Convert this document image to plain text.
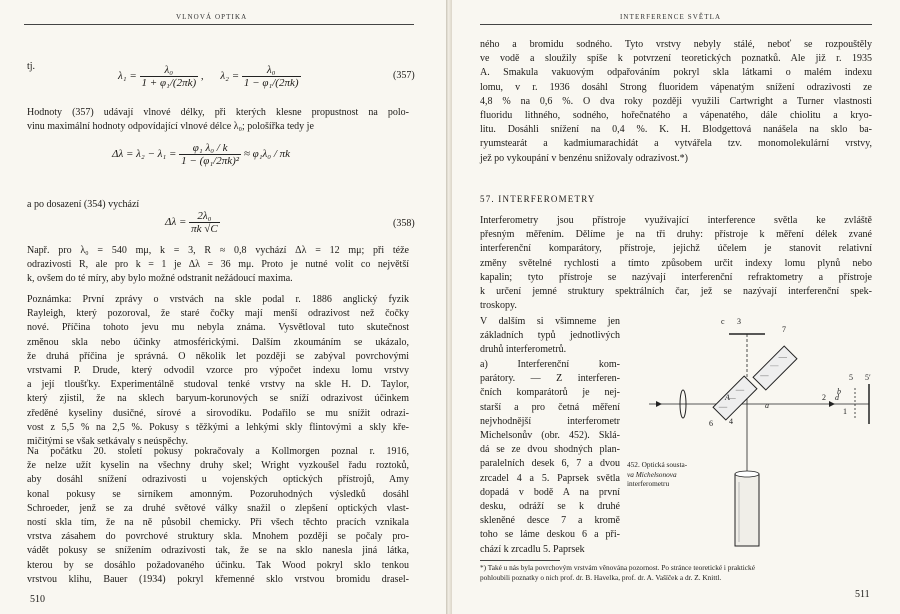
VLNOVÁ OPTIKA
tj.
$\lambda_1 = \frac{\text{λ₀}}{\text{1 + φ₁/(2πk)}}$ , $\lambda_2 = \frac{\text{λ₀}}{\text{1 − φ₁/(2πk)}}$	(357)
Hodnoty (357) udávají vlnové délky, při kterých klesne propustnost na polo-
vinu maximální hodnoty odpovídající vlnové délce λ₀; pološířka tedy je
$\Delta\lambda = \lambda_2 - \lambda_1 = \frac{\text{φ₁ λ₀ / k}}{\text{1 − (φ₁/2πk)²}} \approx \varphi_1\lambda_0 / \pi k$
a po dosazení (354) vychází
$\Delta\lambda = \frac{\text{2λ₀}}{\pi k √C}$	(358)
Např. pro λ₀ = 540 mμ, k = 3, R ≈ 0,8 vychází Δλ = 12 mμ; při téže
odrazivosti R, ale pro k = 1 je Δλ = 36 mμ. Proto je nutné volit co největší
k, ovšem do té míry, aby bylo možné odstranit nežádoucí maxima.
Poznámka: První zprávy o vrstvách na skle podal r. 1886 anglický fyzik
Rayleigh, který pozoroval, že staré čočky mají menší odrazivost než čočky
nové. Příčina tohoto jevu mu nebyla známa. Vysvětloval tuto skutečnost
změnou skla nebo účinky atmosférickými. Dalším zkoumáním se ukázalo,
že druhá příčina je správná. O několik let později se zabýval povrchovými
vrstvami P. Drude, který odvodil vzorce pro výpočet indexu lomu vrstvy
a její tloušťky. Experimentálně studoval tenké vrstvy na skle H. D. Taylor,
který zjistil, že na sklech baryum-korunových se sníží odrazivost účinkem
zředěné kyseliny dusičné, sírové a sirovodíku. Podařilo se mu snížit odrazi-
vost z 5,5 % na 2,5 %. Pokusy s těžkými a lehkými skly flintovými a skly kře-
mičitými se však setkávaly s neúspěchy.
Na počátku 20. století pokusy pokračovaly a Kollmorgen poznal r. 1916,
že nelze užít kyselin na všechny druhy skel; Wright vyzkoušel řadu roztoků,
aby dosáhl snížení odrazivosti u vojenských optických přístrojů, Amy
konal pokusy se sirníkem amonným. Pozoruhodných výsledků dosáhl
Schroeder, jenž se za druhé světové války snažil o zlepšení optických vlast-
ností skla tím, že na ně působil chemicky. Při všech těchto pracích vznikala
vrstva zásahem do povrchové struktury skla. Mnohem později se počaly pro-
vádět pokusy se snížením odrazivosti tak, že se na sklo nanesla jiná látka,
kterou by se dosáhlo požadovaného účinku. Tak Wood pokryl sklo tenkou
vrstvou klihu, Bauer (1934) pokryl křemenné sklo vrstvou bromidu drasel-
510
INTERFERENCE SVĚTLA
ného a bromidu sodného. Tyto vrstvy nebyly stálé, neboť se rozpouštěly
ve vodě a sloužily spíše k potvrzení teoretických poznatků. Ale již r. 1935
A. Smakula vakuovým odpařováním pokryl skla látkami o malém indexu
lomu, v r. 1936 dosáhl Strong fluoridem vápenatým snížení odrazivosti ze
4,8 % na 0,6 %. O dva roky později využili Cartwright a Turner vlastnosti
fluoridu lithného, sodného, hořečnatého a vápenatého, dále chiolitu a kryo-
litu. Dosáhli snížení na 0,4 %. K. H. Blodgettová nanášela na sklo ba-
ryumstearát a kadmiumarachidát a vytvářela tzv. monomolekulární vrstvy,
jež po vykoupání v benzénu snižovaly odrazivost.*)
57. INTERFEROMETRY
Interferometry jsou přístroje využívající interference světla ke zvláště
přesným měřením. Dělíme je na tři druhy: přístroje k měření délek zvané
interferenční komparátory, přístroje, jejichž účelem je stanovit relativní
změny světelné rychlosti a tímto způsobem určit indexy lomu plynů nebo
kapalin; tyto přístroje se nazývají interferenční refraktometry a přístroje
k určení jemné struktury spektrálních čar, jež se nazývají interferenční spek-
troskopy.
V dalším si všimneme jen
základních typů jednotlivých
druhů interferometrů.
a) Interferenční kom-
parátory. — Z interferen-
čních komparátorů je nej-
starší a pro četná měření
nejvhodnější interferometr
Michelsonův (obr. 452). Sklá-
dá se ze dvou shodných plan-
paralelních desek 6, 7 a dvou
zrcadel 4 a 5. Paprsek světla
dopadá v bodě A na první
desku, odráží se k druhé
skleněné desce 7 a kromě
toho se láme deskou 6 a při-
chází k zrcadlu 5. Paprsek
c 3
7
A
a
6 4
2 d
1
b
5 5′
452. Optická sousta-
va Michelsonova
interferometru
*) Také u nás byla povrchovým vrstvám věnována pozornost. Po stránce teoretické i praktické
pohloubili poznatky o nich prof. dr. B. Havelka, prof. dr. A. Vašíček a dr. Z. Knittl.
511
